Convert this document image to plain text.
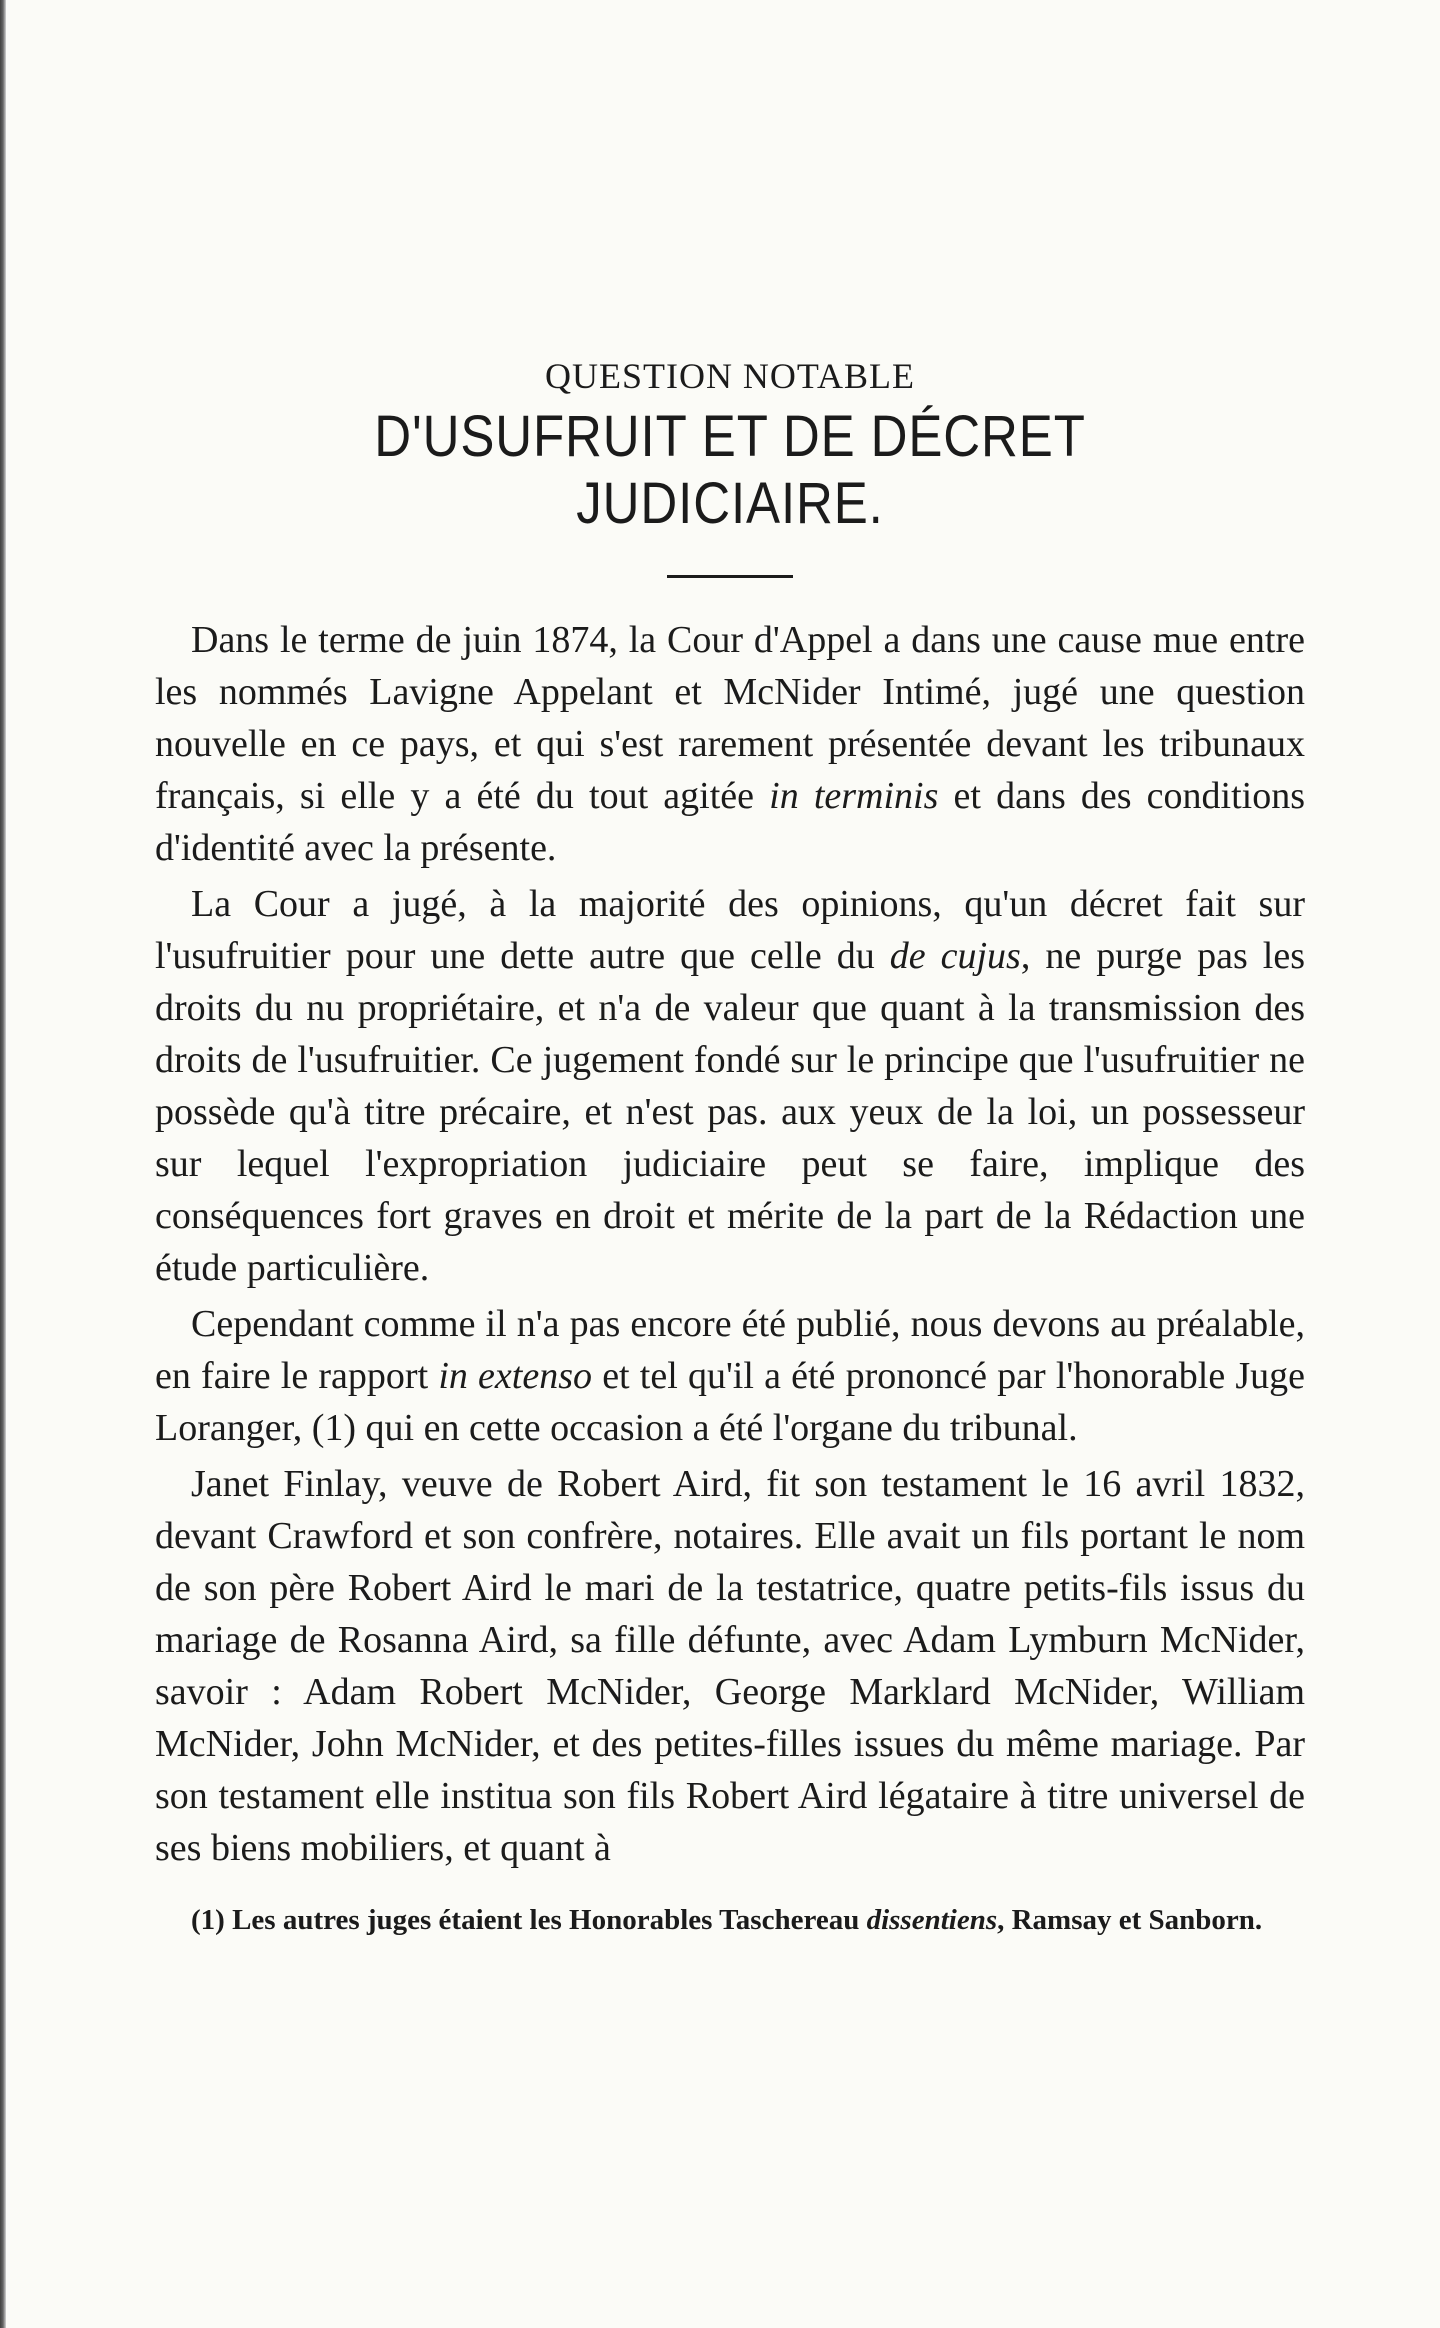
QUESTION NOTABLE
D'USUFRUIT ET DE DÉCRET JUDICIAIRE.

Dans le terme de juin 1874, la Cour d'Appel a dans une cause mue entre les nommés Lavigne Appelant et McNider Intimé, jugé une question nouvelle en ce pays, et qui s'est rarement présentée devant les tribunaux français, si elle y a été du tout agitée in terminis et dans des conditions d'identité avec la présente.

La Cour a jugé, à la majorité des opinions, qu'un décret fait sur l'usufruitier pour une dette autre que celle du de cujus, ne purge pas les droits du nu propriétaire, et n'a de valeur que quant à la transmission des droits de l'usufruitier. Ce jugement fondé sur le principe que l'usufruitier ne possède qu'à titre précaire, et n'est pas. aux yeux de la loi, un possesseur sur lequel l'expropriation judiciaire peut se faire, implique des conséquences fort graves en droit et mérite de la part de la Rédaction une étude particulière.

Cependant comme il n'a pas encore été publié, nous devons au préalable, en faire le rapport in extenso et tel qu'il a été prononcé par l'honorable Juge Loranger, (1) qui en cette occasion a été l'organe du tribunal.

Janet Finlay, veuve de Robert Aird, fit son testament le 16 avril 1832, devant Crawford et son confrère, notaires. Elle avait un fils portant le nom de son père Robert Aird le mari de la testatrice, quatre petits-fils issus du mariage de Rosanna Aird, sa fille défunte, avec Adam Lymburn McNider, savoir : Adam Robert McNider, George Marklard McNider, William McNider, John McNider, et des petites-filles issues du même mariage. Par son testament elle institua son fils Robert Aird légataire à titre universel de ses biens mobiliers, et quant à

(1) Les autres juges étaient les Honorables Taschereau dissentiens, Ramsay et Sanborn.
